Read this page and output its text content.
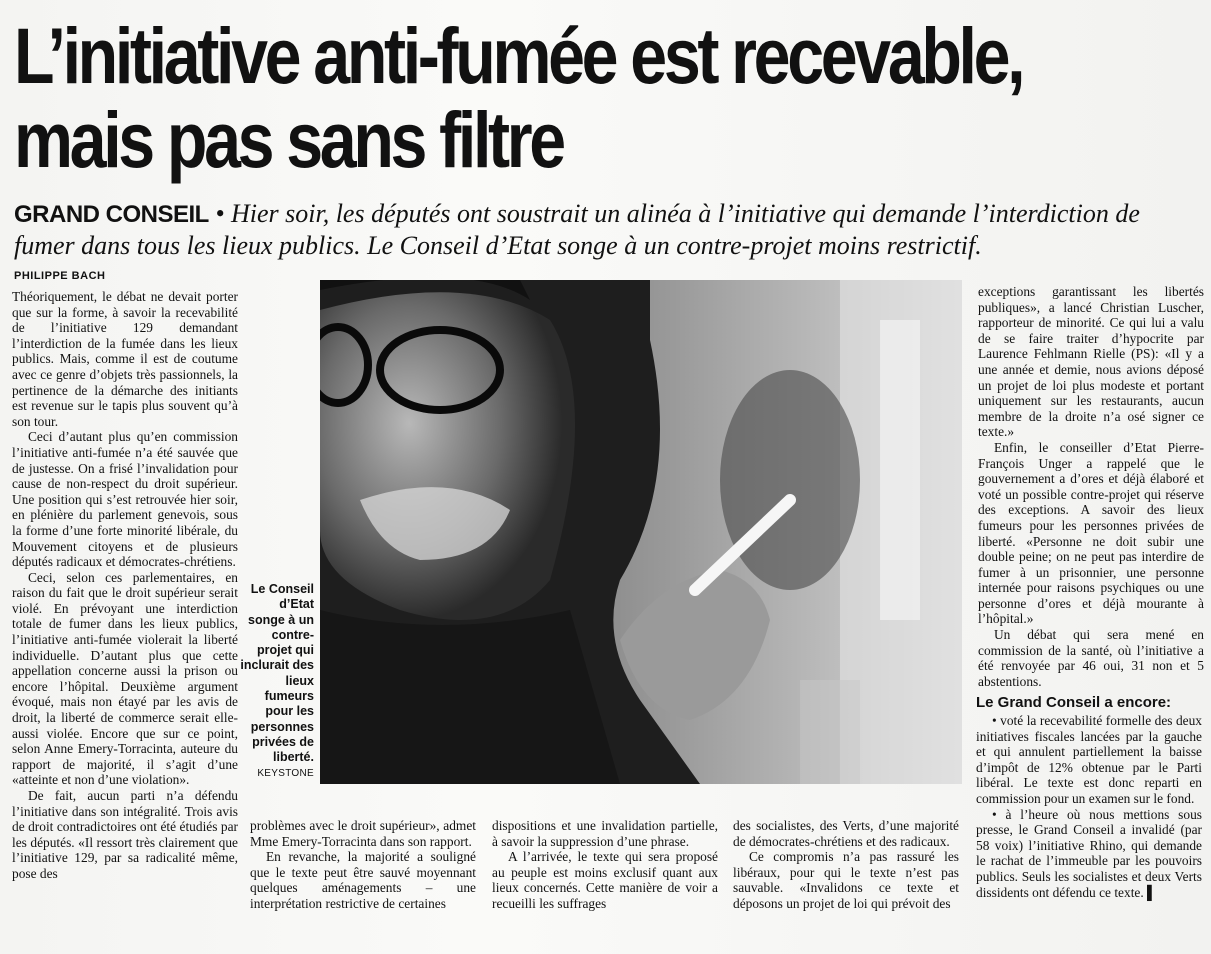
L’initiative anti-fumée est recevable,
mais pas sans filtre

GRAND CONSEIL • Hier soir, les députés ont soustrait un alinéa à l’initiative qui demande l’interdiction de fumer dans tous les lieux publics. Le Conseil d’Etat songe à un contre-projet moins restrictif.

PHILIPPE BACH

Théoriquement, le débat ne devait porter que sur la forme, à savoir la recevabilité de l’initiative 129 demandant l’interdiction de la fumée dans les lieux publics. Mais, comme il est de coutume avec ce genre d’objets très passionnels, la pertinence de la démarche des initiants est revenue sur le tapis plus souvent qu’à son tour.

Ceci d’autant plus qu’en commission l’initiative anti-fumée n’a été sauvée que de justesse. On a frisé l’invalidation pour cause de non-respect du droit supérieur. Une position qui s’est retrouvée hier soir, en plénière du parlement genevois, sous la forme d’une forte minorité libérale, du Mouvement citoyens et de plusieurs députés radicaux et démocrates-chrétiens.

Ceci, selon ces parlementaires, en raison du fait que le droit supérieur serait violé. En prévoyant une interdiction totale de fumer dans les lieux publics, l’initiative anti-fumée violerait la liberté individuelle. D’autant plus que cette appellation concerne aussi la prison ou encore l’hôpital. Deuxième argument évoqué, mais non étayé par les avis de droit, la liberté de commerce serait elle-aussi violée. Encore que sur ce point, selon Anne Emery-Torracinta, auteure du rapport de majorité, il s’agit d’une «atteinte et non d’une violation».

De fait, aucun parti n’a défendu l’initiative dans son intégralité. Trois avis de droit contradictoires ont été étudiés par les députés. «Il ressort très clairement que l’initiative 129, par sa radicalité même, pose des

Le Conseil d’Etat songe à un contre-projet qui inclurait des lieux fumeurs pour les personnes privées de liberté.
KEYSTONE

problèmes avec le droit supérieur», admet Mme Emery-Torracinta dans son rapport.

En revanche, la majorité a souligné que le texte peut être sauvé moyennant quelques aménagements – une interprétation restrictive de certaines

dispositions et une invalidation partielle, à savoir la suppression d’une phrase.

A l’arrivée, le texte qui sera proposé au peuple est moins exclusif quant aux lieux concernés. Cette manière de voir a recueilli les suffrages

des socialistes, des Verts, d’une majorité de démocrates-chrétiens et des radicaux.

Ce compromis n’a pas rassuré les libéraux, pour qui le texte n’est pas sauvable. «Invalidons ce texte et déposons un projet de loi qui prévoit des

exceptions garantissant les libertés publiques», a lancé Christian Luscher, rapporteur de minorité. Ce qui lui a valu de se faire traiter d’hypocrite par Laurence Fehlmann Rielle (PS): «Il y a une année et demie, nous avions déposé un projet de loi plus modeste et portant uniquement sur les restaurants, aucun membre de la droite n’a osé signer ce texte.»

Enfin, le conseiller d’Etat Pierre-François Unger a rappelé que le gouvernement a d’ores et déjà élaboré et voté un possible contre-projet qui réserve des exceptions. A savoir des lieux fumeurs pour les personnes privées de liberté. «Personne ne doit subir une double peine; on ne peut pas interdire de fumer à un prisonnier, une personne internée pour raisons psychiques ou une personne d’ores et déjà mourante à l’hôpital.»

Un débat qui sera mené en commission de la santé, où l’initiative a été renvoyée par 46 oui, 31 non et 5 abstentions.

Le Grand Conseil a encore:

• voté la recevabilité formelle des deux initiatives fiscales lancées par la gauche et qui annulent partiellement la baisse d’impôt de 12% obtenue par le Parti libéral. Le texte est donc reparti en commission pour un examen sur le fond.

• à l’heure où nous mettions sous presse, le Grand Conseil a invalidé (par 58 voix) l’initiative Rhino, qui demande le rachat de l’immeuble par les pouvoirs publics. Seuls les socialistes et deux Verts dissidents ont défendu ce texte. ▌
